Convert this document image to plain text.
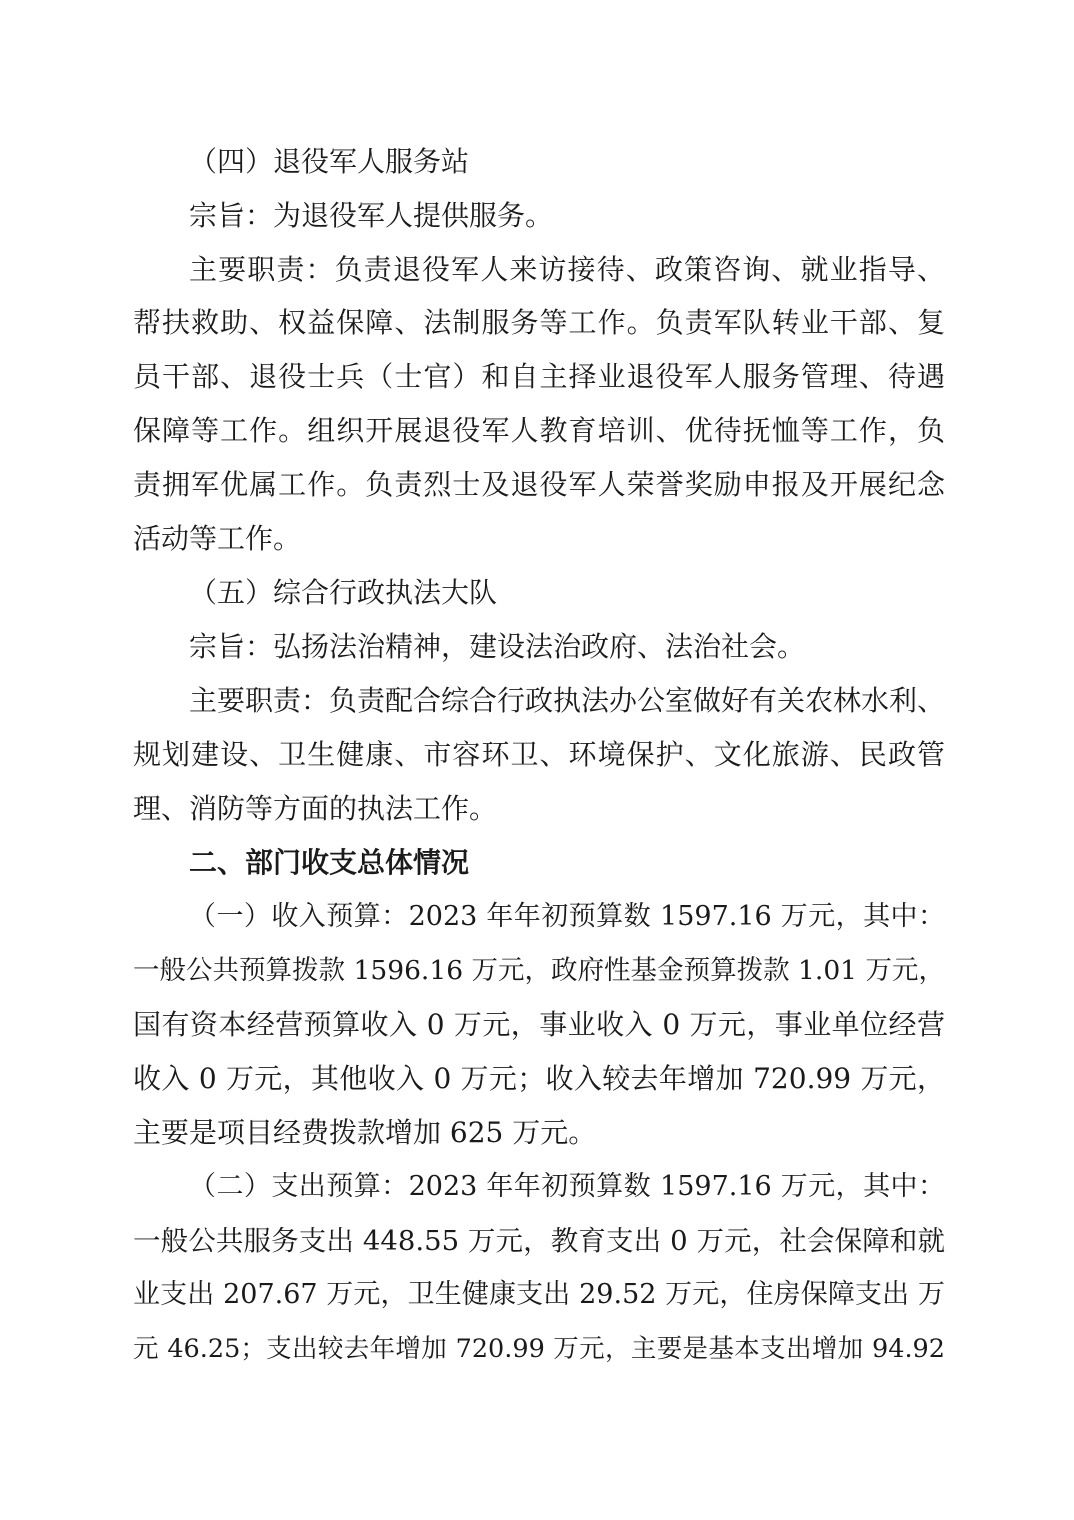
（四）退役军人服务站
宗旨：为退役军人提供服务。
主要职责：负责退役军人来访接待、政策咨询、就业指导、
帮扶救助、权益保障、法制服务等工作。负责军队转业干部、复
员干部、退役士兵（士官）和自主择业退役军人服务管理、待遇
保障等工作。组织开展退役军人教育培训、优待抚恤等工作，负
责拥军优属工作。负责烈士及退役军人荣誉奖励申报及开展纪念
活动等工作。
（五）综合行政执法大队
宗旨：弘扬法治精神，建设法治政府、法治社会。
主要职责：负责配合综合行政执法办公室做好有关农林水利、
规划建设、卫生健康、市容环卫、环境保护、文化旅游、民政管
理、消防等方面的执法工作。
二、部门收支总体情况
（一）收入预算：2023 年年初预算数 1597.16 万元，其中：
一般公共预算拨款 1596.16 万元，政府性基金预算拨款 1.01 万元，
国有资本经营预算收入 0 万元，事业收入 0 万元，事业单位经营
收入 0 万元，其他收入 0 万元；收入较去年增加 720.99 万元，
主要是项目经费拨款增加 625 万元。
（二）支出预算：2023 年年初预算数 1597.16 万元，其中：
一般公共服务支出 448.55 万元，教育支出 0 万元，社会保障和就
业支出 207.67 万元，卫生健康支出 29.52 万元，住房保障支出 万
元 46.25；支出较去年增加 720.99 万元，主要是基本支出增加 94.92
